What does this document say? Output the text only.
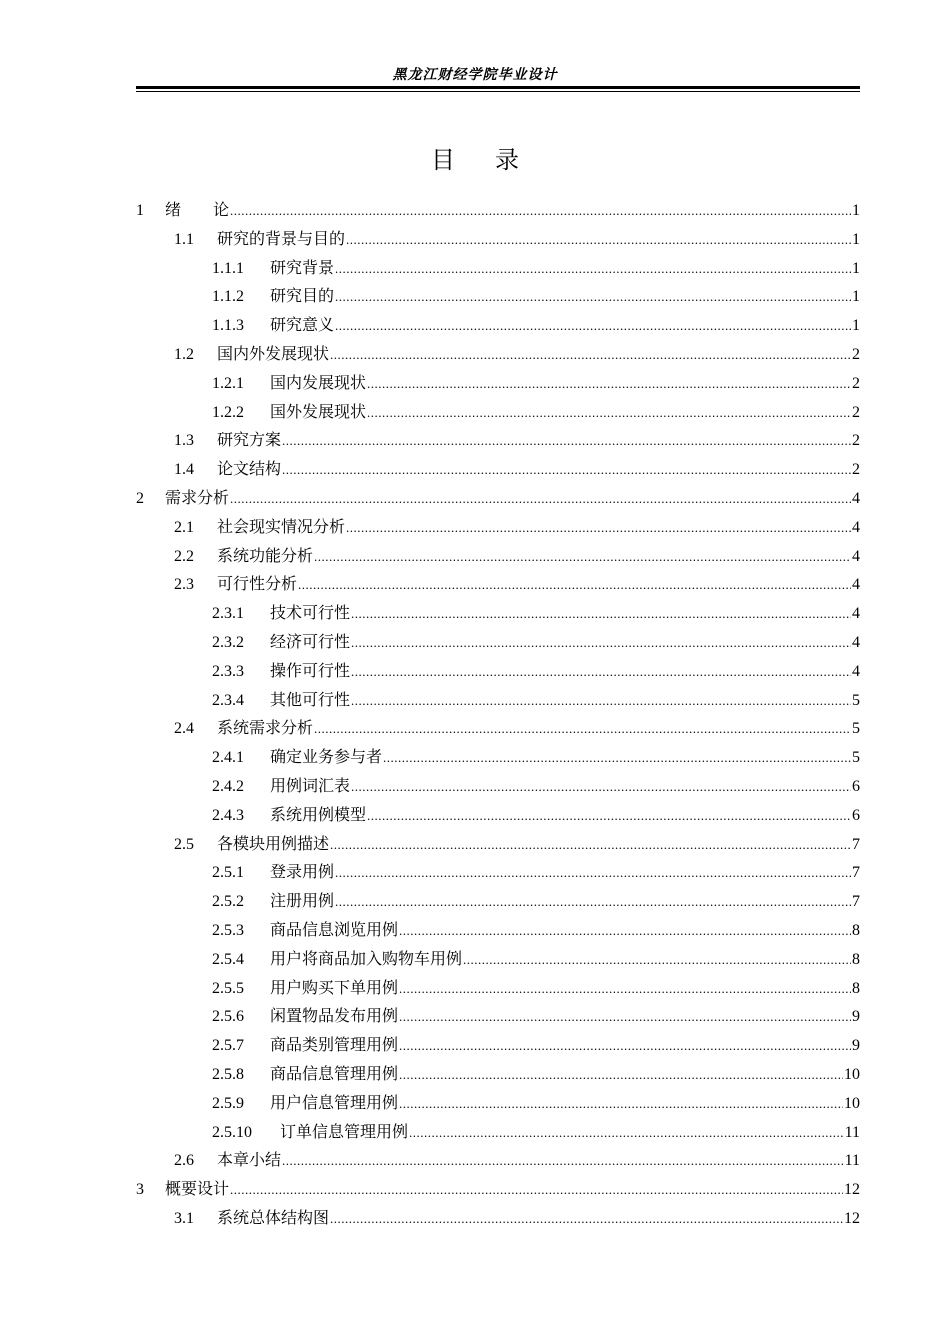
黑龙江财经学院毕业设计
目录
1	绪　　论 .....	1
1.1	研究的背景与目的 .....	1
1.1.1	研究背景 .....	1
1.1.2	研究目的 .....	1
1.1.3	研究意义 .....	1
1.2	国内外发展现状 .....	2
1.2.1	国内发展现状 .....	2
1.2.2	国外发展现状 .....	2
1.3	研究方案 .....	2
1.4	论文结构 .....	2
2	需求分析 .....	4
2.1	社会现实情况分析 .....	4
2.2	系统功能分析 .....	4
2.3	可行性分析 .....	4
2.3.1	技术可行性 .....	4
2.3.2	经济可行性 .....	4
2.3.3	操作可行性 .....	4
2.3.4	其他可行性 .....	5
2.4	系统需求分析 .....	5
2.4.1	确定业务参与者 .....	5
2.4.2	用例词汇表 .....	6
2.4.3	系统用例模型 .....	6
2.5	各模块用例描述 .....	7
2.5.1	登录用例 .....	7
2.5.2	注册用例 .....	7
2.5.3	商品信息浏览用例 .....	8
2.5.4	用户将商品加入购物车用例 .....	8
2.5.5	用户购买下单用例 .....	8
2.5.6	闲置物品发布用例 .....	9
2.5.7	商品类别管理用例 .....	9
2.5.8	商品信息管理用例 .....	10
2.5.9	用户信息管理用例 .....	10
2.5.10	订单信息管理用例 .....	11
2.6	本章小结 .....	11
3	概要设计 .....	12
3.1	系统总体结构图 .....	12
